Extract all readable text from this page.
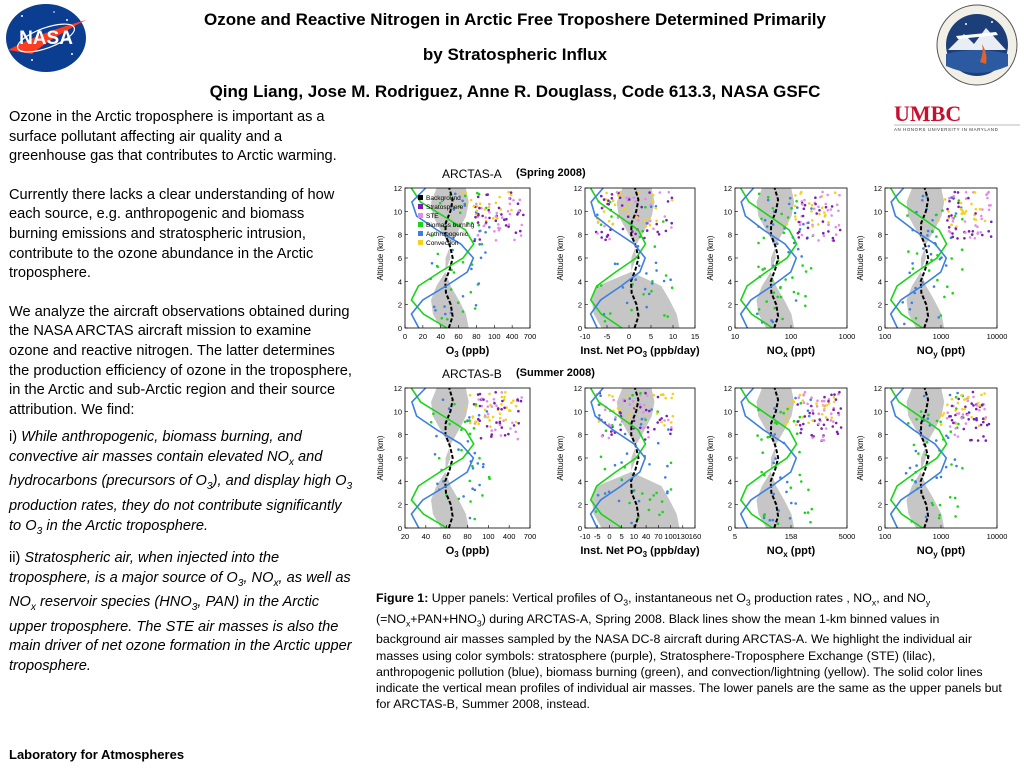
Ozone and Reactive Nitrogen in Arctic Free Troposhere Determined Primarily
by Stratospheric Influx
Qing Liang, Jose M. Rodriguez, Anne R. Douglass, Code 613.3, NASA GSFC
NASA
UMBC
AN HONORS UNIVERSITY IN MARYLAND

Ozone in the Arctic troposphere is important as a surface pollutant affecting air quality and a greenhouse gas that contributes to Arctic warming.

Currently there lacks a clear understanding of how each source, e.g. anthropogenic and biomass burning emissions and stratospheric intrusion, contribute to the ozone abundance in the Arctic troposphere.

We analyze the aircraft observations obtained during the NASA ARCTAS aircraft mission to examine ozone and reactive nitrogen. The latter determines the production efficiency of ozone in the troposphere, in the Arctic and sub-Arctic region and their source attribution. We find:

i) While anthropogenic, biomass burning, and convective air masses contain elevated $NO_x$ and hydrocarbons (precursors of $O_3$), and display high $O_3$ production rates, they do not contribute significantly to $O_3$ in the Arctic troposphere.

ii) Stratospheric air, when injected into the troposphere, is a major source of $O_3$, $NO_x$, as well as $NO_x$ reservoir species ($HNO_3$, PAN) in the Arctic upper troposphere. The STE air masses is also the main driver of net ozone formation in the Arctic upper troposphere.

Laboratory for Atmospheres
ARCTAS-A (Spring 2008)
ARCTAS-B (Summer 2008)
0
2
4
6
8
10
12
0 20 40 60 80 100 400 700
$O_3$ (ppb)
Altitude (km)
0
2
4
6
8
10
12
-10 -5 0 5 10 15
Inst. Net $PO_3$ (ppb/day)
Altitude (km)
0
2
4
6
8
10
12
10	100	1000
$NO_x$ (ppt)
Altitude (km)
0
2
4
6
8
10
12
100	1000	10000
$NO_y$ (ppt)
Altitude (km)
0
2
4
6
8
10
12
20 40 60 80 100 400 700
$O_3$ (ppb)
Altitude (km)
0
2
4
6
8
10
12
-10 -5 0 5 10 40 70 100 130 160
Inst. Net $PO_3$ (ppb/day)
Altitude (km)
0
2
4
6
8
10
12
5	158	5000
$NO_x$ (ppt)
Altitude (km)
0
2
4
6
8
10
12
100	1000	10000
$NO_y$ (ppt)
Altitude (km)
Background
Stratosphere
STE
Biomass burning
Anthropogenic
Convection
Figure 1: Upper panels: Vertical profiles of $O_3$, instantaneous net $O_3$ production rates , $NO_x$, and $NO_y$ $(=NO_x+PAN+HNO_3)$ during ARCTAS-A, Spring 2008. Black lines show the mean 1-km binned values in background air masses sampled by the NASA DC-8 aircraft during ARCTAS-A. We highlight the individual air masses using color symbols: stratosphere (purple), Stratosphere-Troposphere Exchange (STE) (lilac), anthropogenic pollution (blue), biomass burning (green), and convection/lightning (yellow). The solid color lines indicate the vertical mean profiles of individual air masses. The lower panels are the same as the upper panels but for ARCTAS-B, Summer 2008, instead.
